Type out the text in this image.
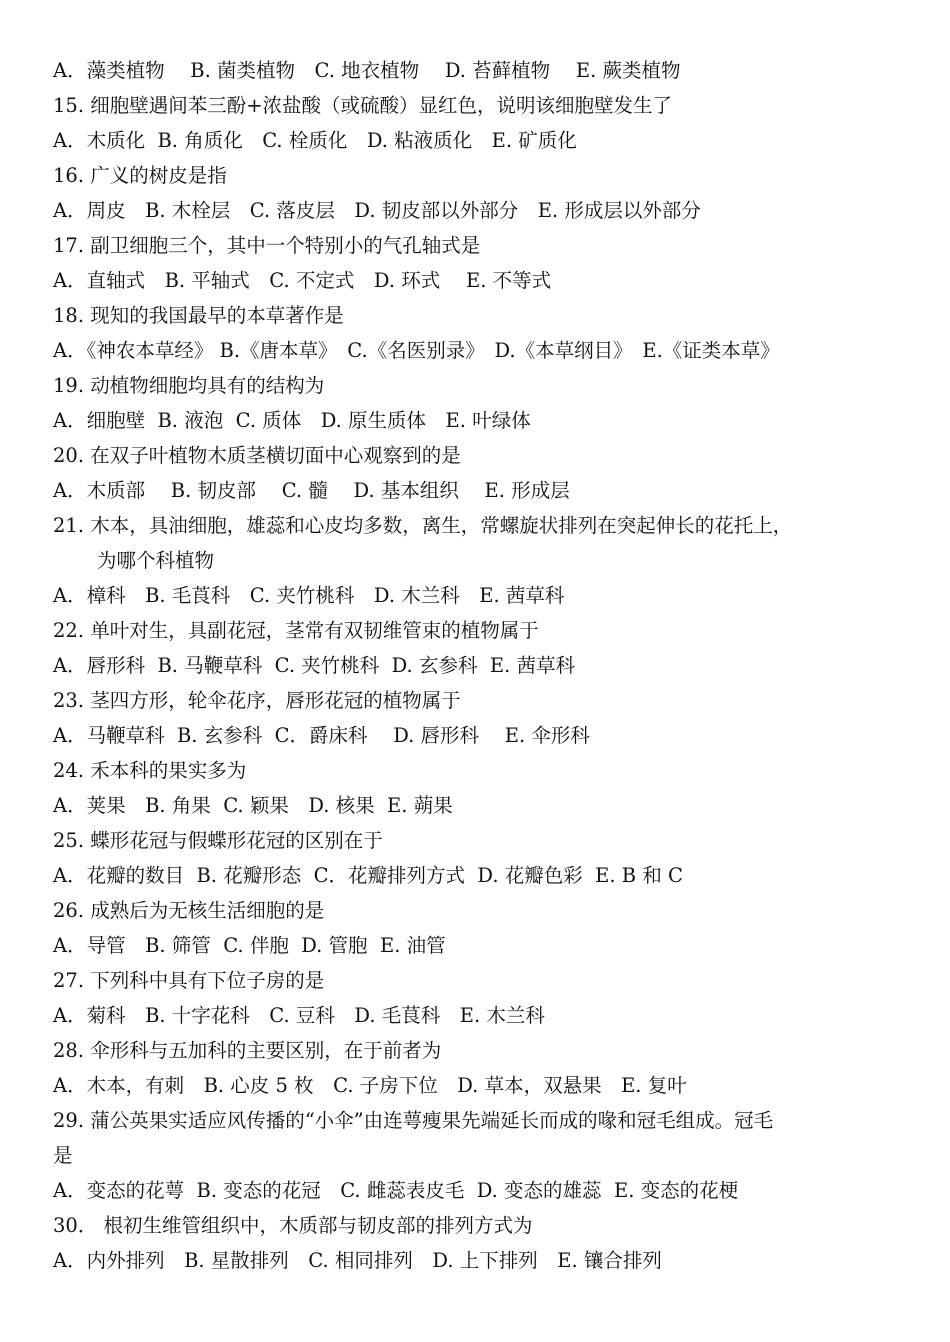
A．藻类植物　 B. 菌类植物　C. 地衣植物　 D. 苔藓植物　 E. 蕨类植物
15. 细胞壁遇间苯三酚+浓盐酸（或硫酸）显红色，说明该细胞壁发生了
A．木质化  B. 角质化　C. 栓质化　D. 粘液质化　E. 矿质化
16. 广义的树皮是指
A．周皮　B. 木栓层　C. 落皮层　D. 韧皮部以外部分　E. 形成层以外部分
17. 副卫细胞三个，其中一个特别小的气孔轴式是
A．直轴式　B. 平轴式　C. 不定式　D. 环式　 E. 不等式
18. 现知的我国最早的本草著作是
A．《神农本草经》 B.《唐本草》　C.《名医别录》　D.《本草纲目》　E.《证类本草》
19. 动植物细胞均具有的结构为
A．细胞壁  B. 液泡  C. 质体　D. 原生质体　E. 叶绿体
20. 在双子叶植物木质茎横切面中心观察到的是
A．木质部　 B. 韧皮部　 C. 髓　 D. 基本组织　 E. 形成层
21. 木本，具油细胞，雄蕊和心皮均多数，离生，常螺旋状排列在突起伸长的花托上，
为哪个科植物
A．樟科　B. 毛莨科　C. 夹竹桃科　D. 木兰科　E. 茜草科
22. 单叶对生，具副花冠，茎常有双韧维管束的植物属于
A．唇形科  B. 马鞭草科  C. 夹竹桃科  D. 玄参科  E. 茜草科
23. 茎四方形，轮伞花序，唇形花冠的植物属于
A．马鞭草科  B. 玄参科  C．爵床科　 D. 唇形科　 E. 伞形科
24. 禾本科的果实多为
A．荚果　B. 角果  C. 颖果　D. 核果  E. 蒴果
25. 蝶形花冠与假蝶形花冠的区别在于
A．花瓣的数目  B. 花瓣形态  C．花瓣排列方式  D. 花瓣色彩  E. B 和 C
26. 成熟后为无核生活细胞的是
A．导管　B. 筛管  C. 伴胞  D. 管胞  E. 油管
27. 下列科中具有下位子房的是
A．菊科　B. 十字花科　C. 豆科　D. 毛茛科　E. 木兰科
28. 伞形科与五加科的主要区别，在于前者为
A．木本，有刺　B. 心皮 5 枚　C. 子房下位　D. 草本，双悬果　E. 复叶
29. 蒲公英果实适应风传播的“小伞”由连萼瘦果先端延长而成的喙和冠毛组成。冠毛
是
A．变态的花萼  B. 变态的花冠　C. 雌蕊表皮毛  D. 变态的雄蕊  E. 变态的花梗
30． 根初生维管组织中，木质部与韧皮部的排列方式为
A．内外排列　B. 星散排列　C. 相同排列　D. 上下排列　E. 镶合排列
